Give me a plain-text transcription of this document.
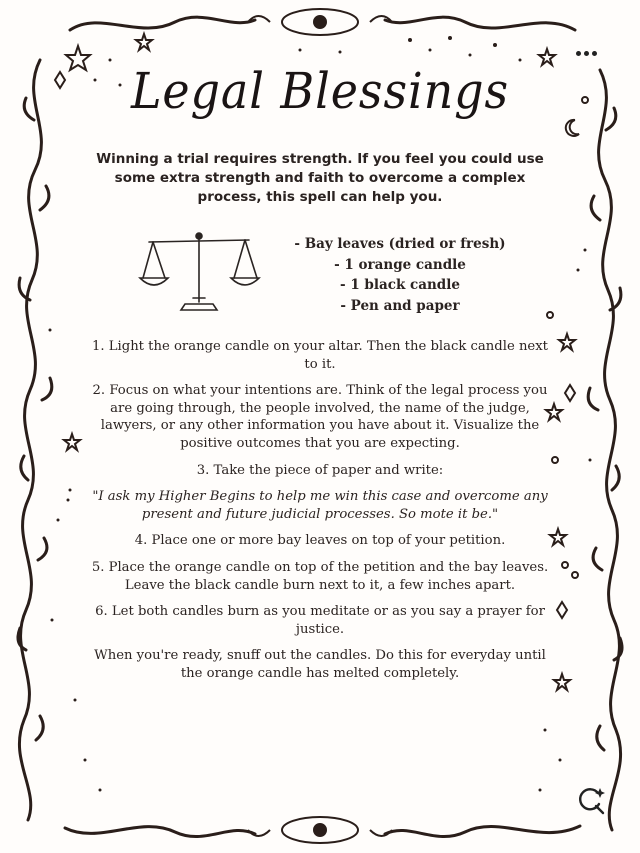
Legal Blessings
Winning a trial requires strength. If you feel you could use some extra strength and faith to overcome a complex process, this spell can help you.
- Bay leaves (dried or fresh)
- 1 orange candle
- 1 black candle
- Pen and paper

1. Light the orange candle on your altar. Then the black candle next to it.

2. Focus on what your intentions are. Think of the legal process you are going through, the people involved, the name of the judge, lawyers, or any other information you have about it. Visualize the positive outcomes that you are expecting.

3. Take the piece of paper and write:

"I ask my Higher Begins to help me win this case and overcome any present and future judicial processes. So mote it be."

4. Place one or more bay leaves on top of your petition.

5. Place the orange candle on top of the petition and the bay leaves. Leave the black candle burn next to it, a few inches apart.

6. Let both candles burn as you meditate or as you say a prayer for justice.

When you're ready, snuff out the candles. Do this for everyday until the orange candle has melted completely.
